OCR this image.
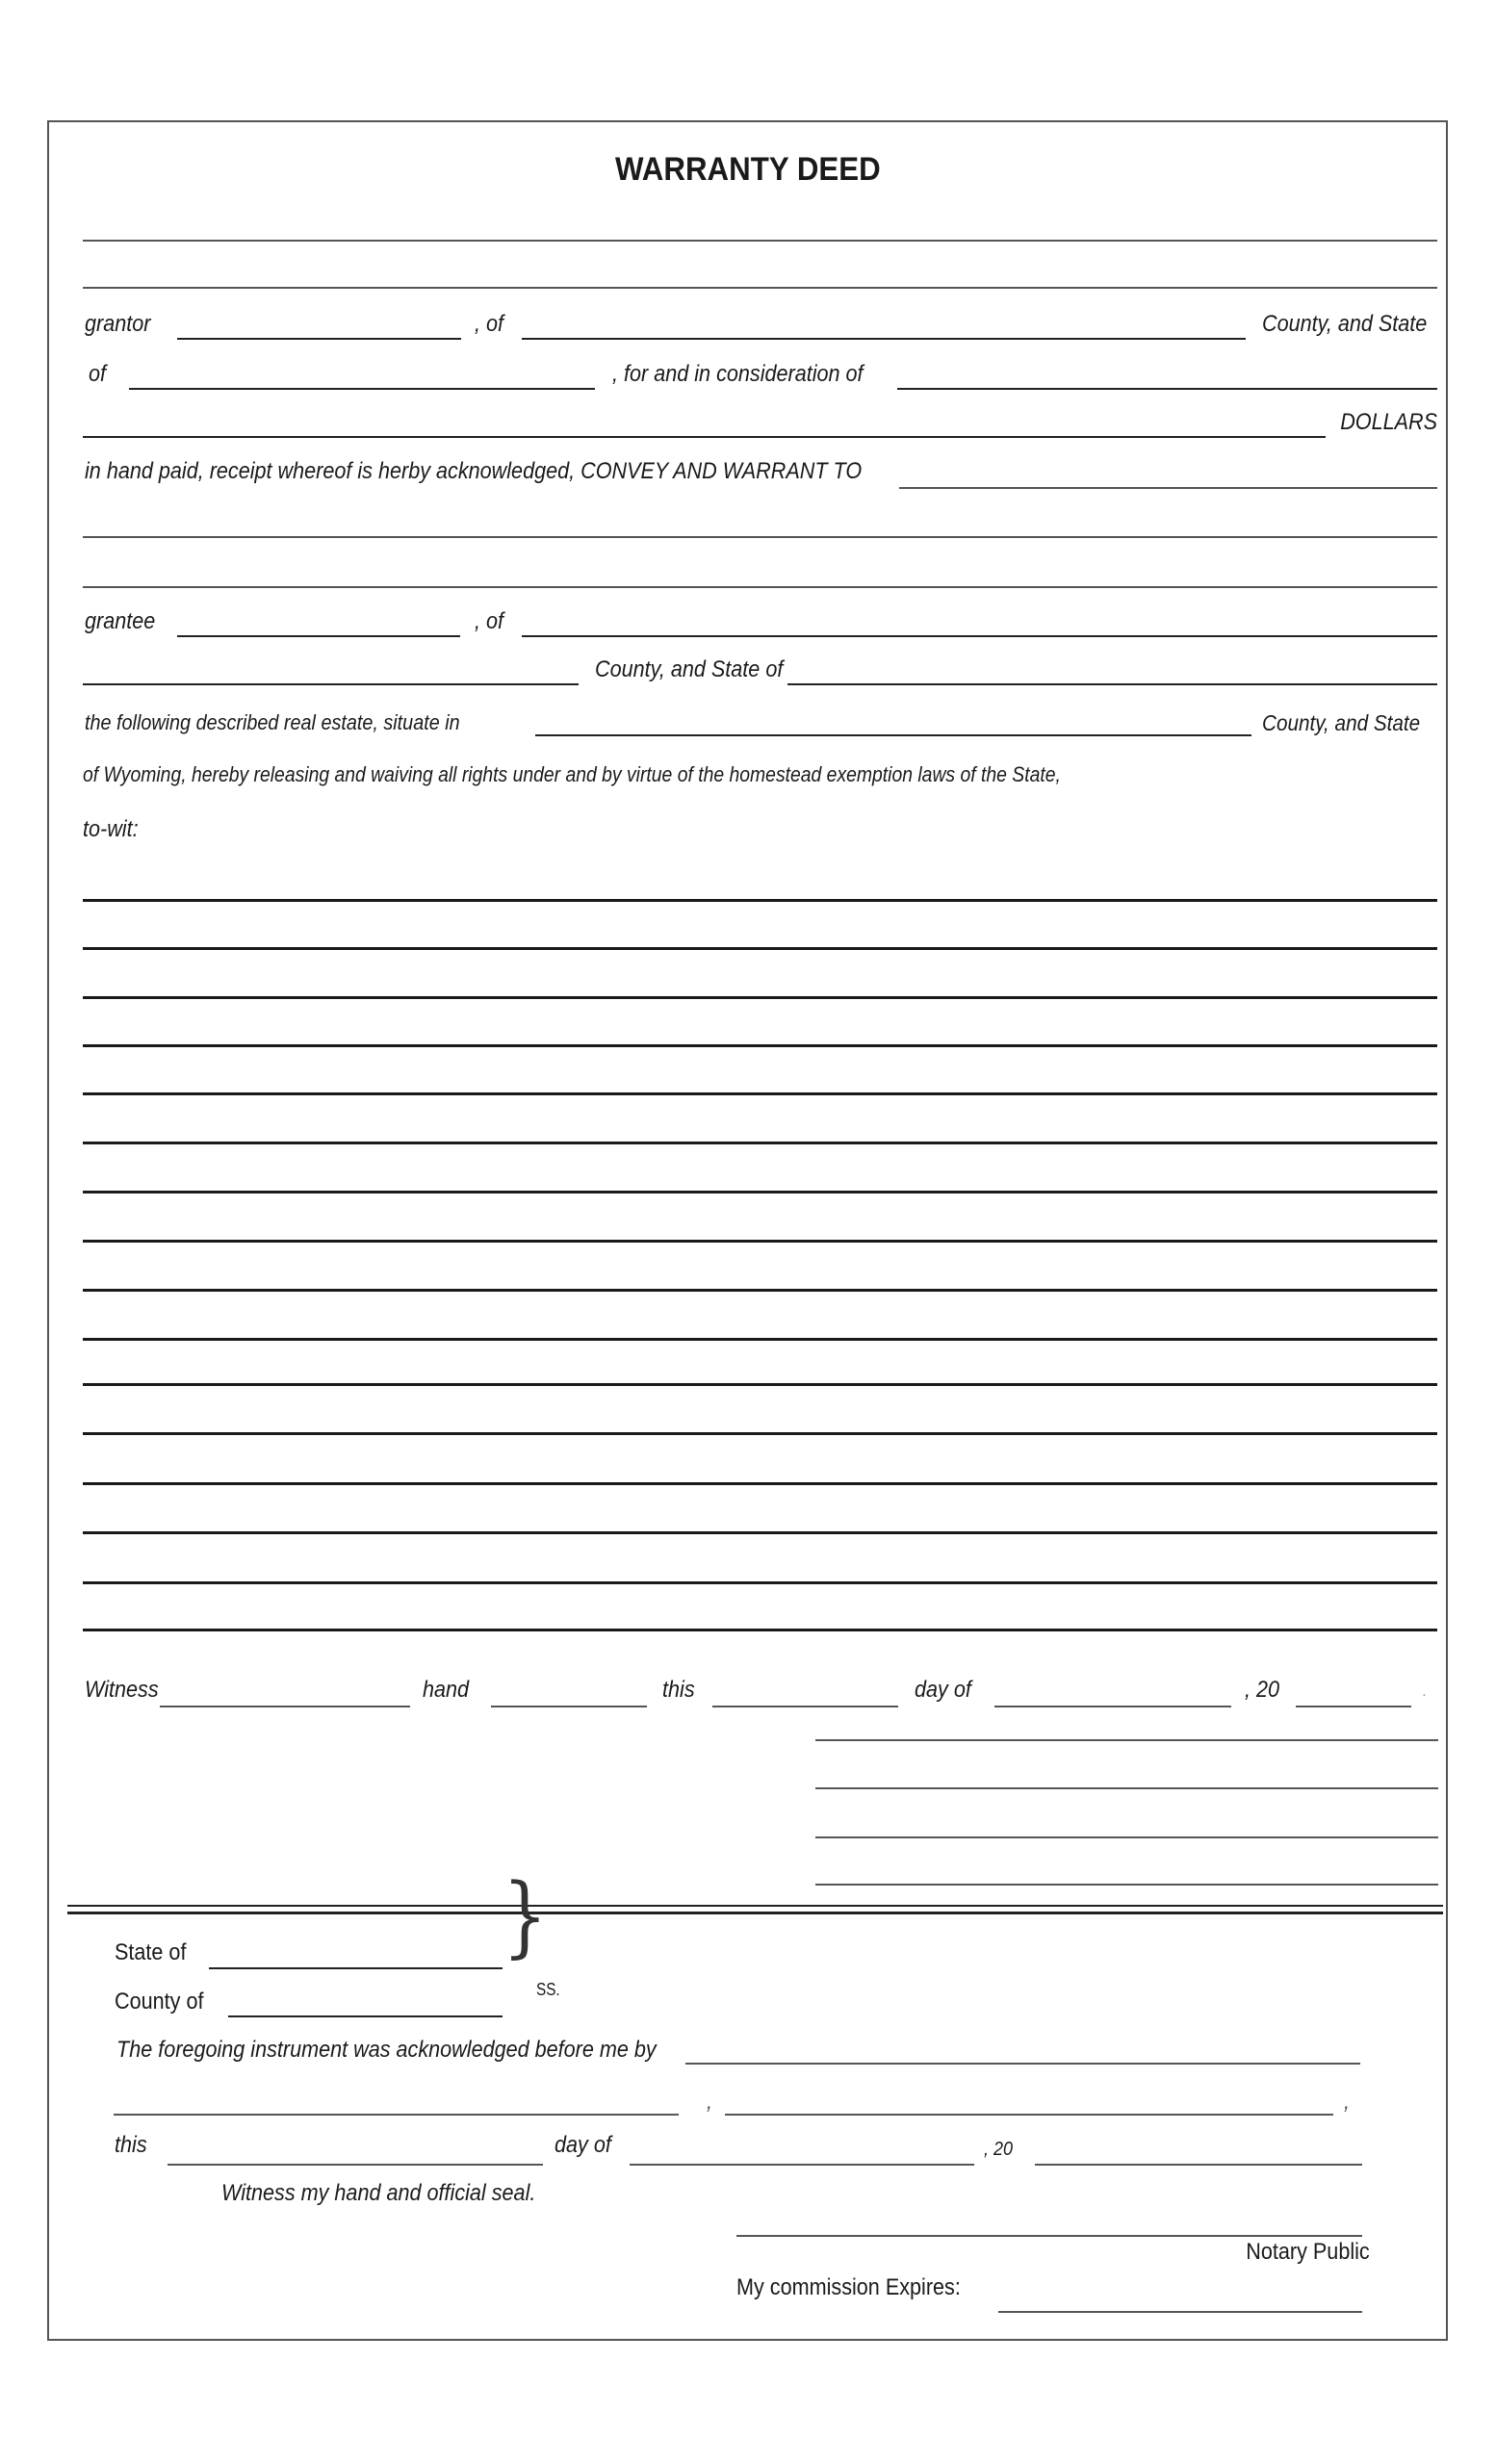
WARRANTY DEED
grantor	, of	County, and State
of	, for and in consideration of
DOLLARS
in hand paid, receipt whereof is herby acknowledged, CONVEY AND WARRANT TO
grantee	, of
County, and State of
the following described real estate, situate in	County, and State
of Wyoming, hereby releasing and waiving all rights under and by virtue of the homestead exemption laws of the State,
to-wit:
Witness	hand	this	day of	, 20	.
}
State of
SS.
County of
The foregoing instrument was acknowledged before me by
,	,
this	day of	, 20
Witness my hand and official seal.
Notary Public
My commission Expires:
